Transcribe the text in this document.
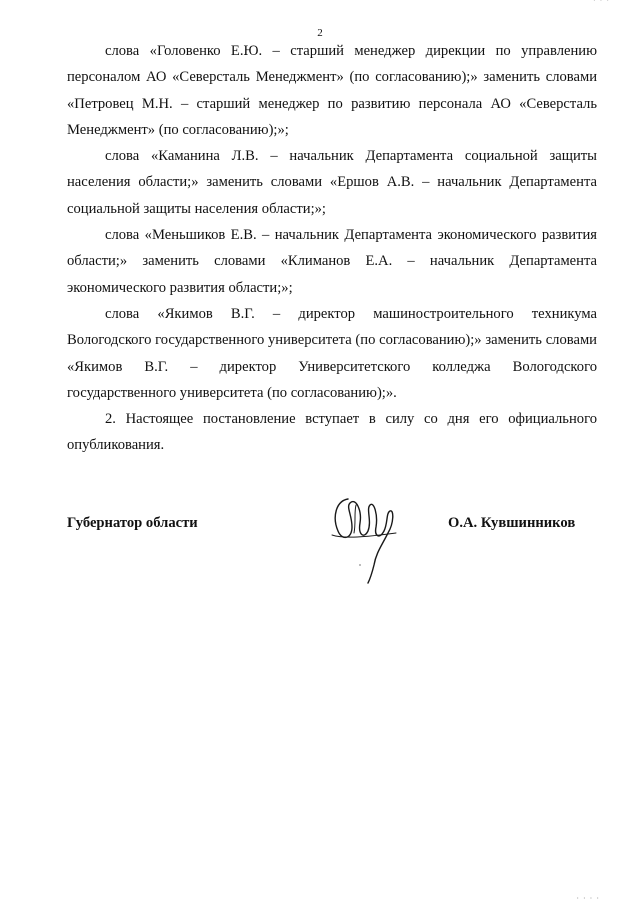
· · ·
2

слова «Головенко Е.Ю. – старший менеджер дирекции по управлению персоналом АО «Северсталь Менеджмент» (по согласованию);» заменить словами «Петровец М.Н. – старший менеджер по развитию персонала АО «Северсталь Менеджмент» (по согласованию);»;

слова «Каманина Л.В. – начальник Департамента социальной защиты населения области;» заменить словами «Ершов А.В. – начальник Департамента социальной защиты населения области;»;

слова «Меньшиков Е.В. – начальник Департамента экономического развития области;» заменить словами «Климанов Е.А. – начальник Департамента экономического развития области;»;

слова «Якимов В.Г. – директор машиностроительного техникума Вологодского государственного университета (по согласованию);» заменить словами «Якимов В.Г. – директор Университетского колледжа Вологодского государственного университета (по согласованию);».

2. Настоящее постановление вступает в силу со дня его официального опубликования.

Губернатор области	О.А. Кувшинников
· · · ·
